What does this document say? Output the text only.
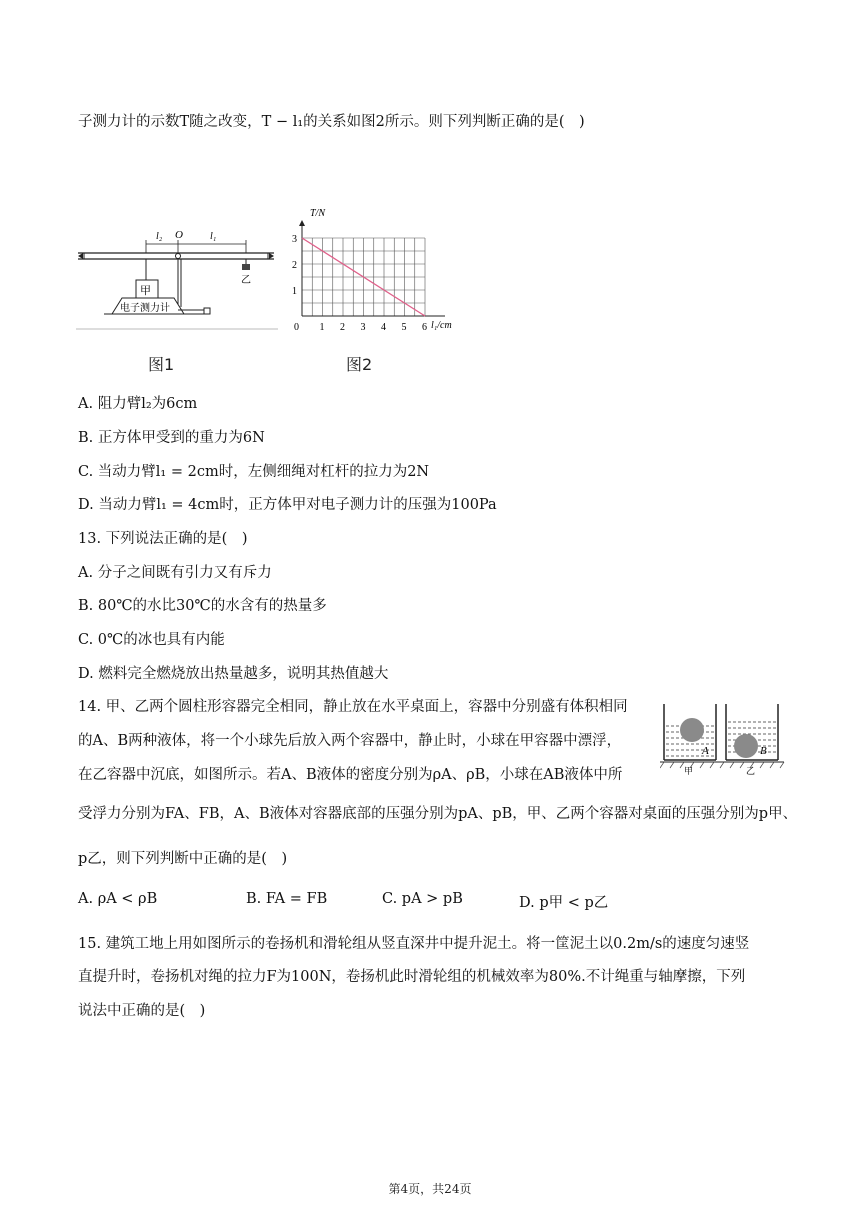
子测力计的示数T随之改变，T − l₁的关系如图2所示。则下列判断正确的是(　)
l₂ O	l₁
甲
电子测力计
乙
0 1 2 3 4 5 6
1
2
3
T/N
l₁/cm
图1	图2
A. 阻力臂l₂为6cm
B. 正方体甲受到的重力为6N
C. 当动力臂l₁ = 2cm时，左侧细绳对杠杆的拉力为2N
D. 当动力臂l₁ = 4cm时，正方体甲对电子测力计的压强为100Pa
13. 下列说法正确的是(　)
A. 分子之间既有引力又有斥力
B. 80℃的水比30℃的水含有的热量多
C. 0℃的冰也具有内能
D. 燃料完全燃烧放出热量越多，说明其热值越大
14. 甲、乙两个圆柱形容器完全相同，静止放在水平桌面上，容器中分别盛有体积相同
的A、B两种液体，将一个小球先后放入两个容器中，静止时，小球在甲容器中漂浮，
在乙容器中沉底，如图所示。若A、B液体的密度分别为ρA、ρB，小球在AB液体中所
受浮力分别为FA、FB，A、B液体对容器底部的压强分别为pA、pB，甲、乙两个容器对桌面的压强分别为p甲、
p乙，则下列判断中正确的是(　)
A	B
甲	乙
A. ρA < ρB	B. FA = FB	C. pA > pB	D. p甲 < p乙
15. 建筑工地上用如图所示的卷扬机和滑轮组从竖直深井中提升泥土。将一筐泥土以0.2m/s的速度匀速竖
直提升时，卷扬机对绳的拉力F为100N，卷扬机此时滑轮组的机械效率为80%.不计绳重与轴摩擦，下列
说法中正确的是(　)
第4页，共24页
